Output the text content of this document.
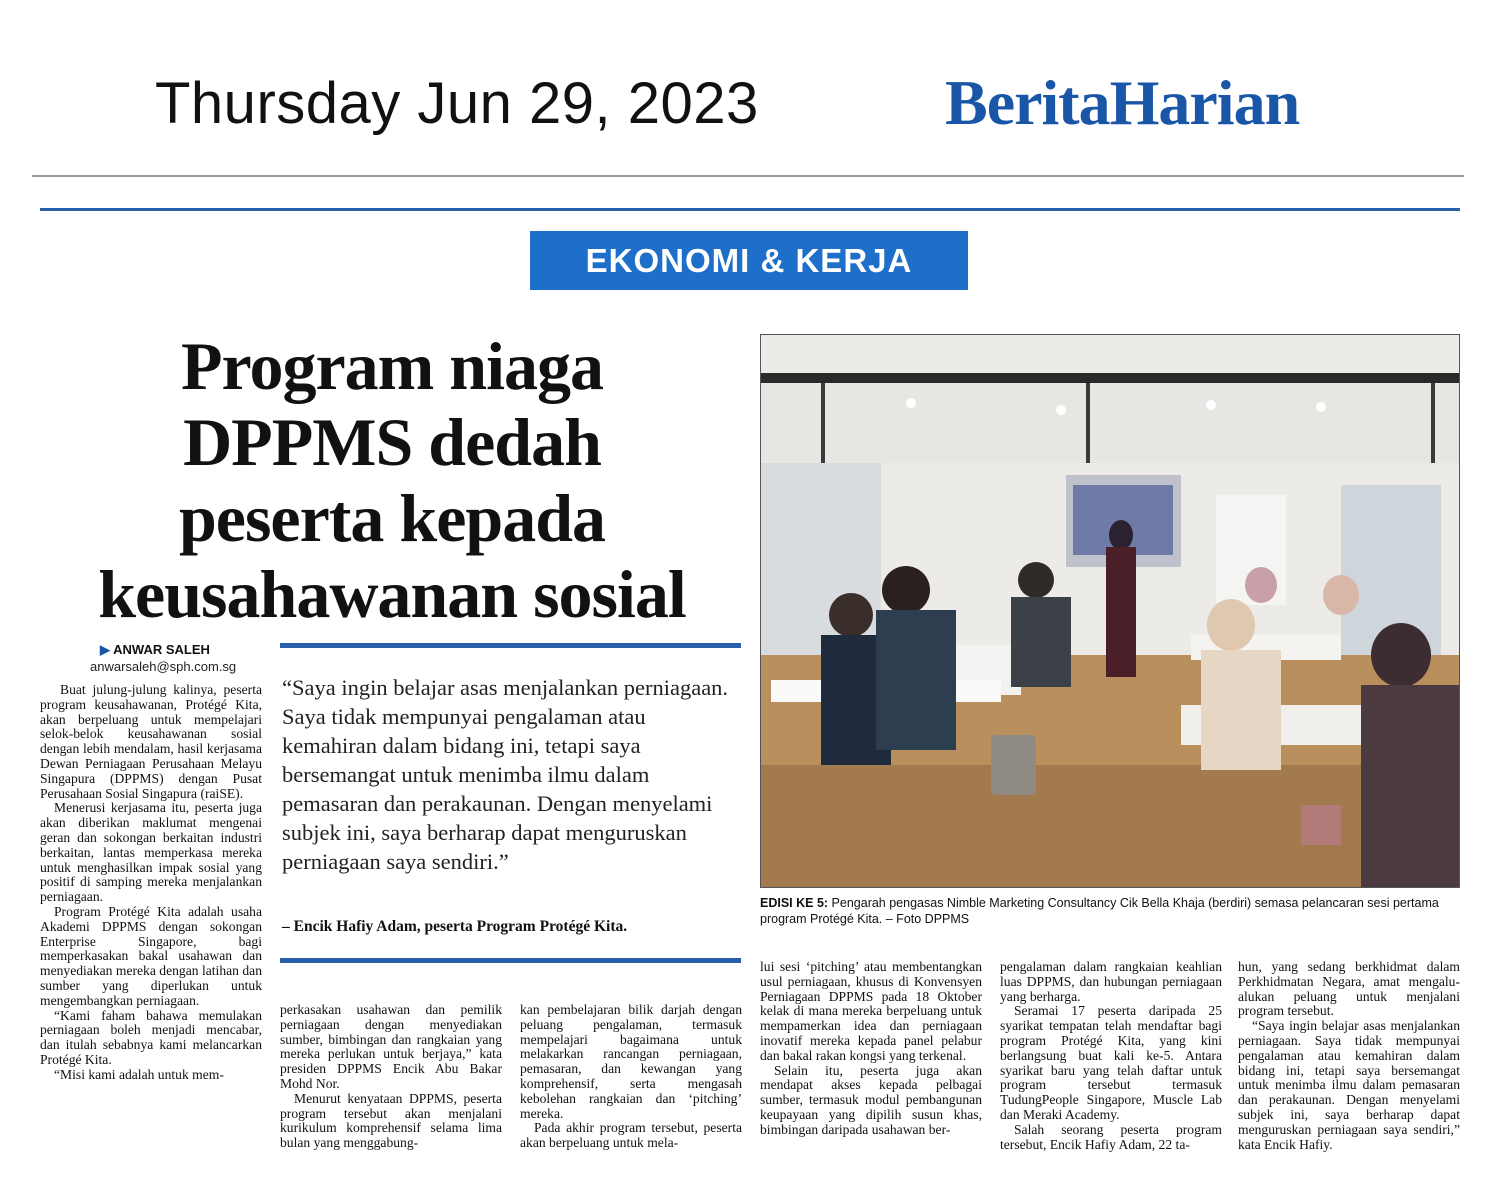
Thursday Jun 29, 2023	BeritaHarian
EKONOMI & KERJA
Program niaga
DPPMS dedah
peserta kepada
keusahawanan sosial
▶ ANWAR SALEH
anwarsaleh@sph.com.sg
“Saya ingin belajar asas menjalankan perniagaan. Saya tidak mempunyai pengalaman atau kemahiran dalam bidang ini, tetapi saya bersemangat untuk menimba ilmu dalam pemasaran dan perakaunan. Dengan menyelami subjek ini, saya berharap dapat menguruskan perniagaan saya sendiri.”
– Encik Hafiy Adam, peserta Program Protégé Kita.

Buat julung-julung kalinya, peserta program keusahawanan, Protégé Kita, akan berpeluang untuk mempelajari selok-belok keusahawanan sosial dengan lebih mendalam, hasil kerjasama Dewan Perniagaan Perusahaan Melayu Singapura (DPPMS) dengan Pusat Perusahaan Sosial Singapura (raiSE).

Menerusi kerjasama itu, peserta juga akan diberikan maklumat mengenai geran dan sokongan berkaitan industri berkaitan, lantas memperkasa mereka untuk menghasilkan impak sosial yang positif di samping mereka menjalankan perniagaan.

Program Protégé Kita adalah usaha Akademi DPPMS dengan sokongan Enterprise Singapore, bagi memperkasakan bakal usahawan dan menyediakan mereka dengan latihan dan sumber yang diperlukan untuk mengembangkan perniagaan.

“Kami faham bahawa memulakan perniagaan boleh menjadi mencabar, dan itulah sebabnya kami melancarkan Protégé Kita.

“Misi kami adalah untuk mem-

perkasakan usahawan dan pemilik perniagaan dengan menyediakan sumber, bimbingan dan rangkaian yang mereka perlukan untuk berjaya,” kata presiden DPPMS Encik Abu Bakar Mohd Nor.

Menurut kenyataan DPPMS, peserta program tersebut akan menjalani kurikulum komprehensif selama lima bulan yang menggabung-

kan pembelajaran bilik darjah dengan peluang pengalaman, termasuk mempelajari bagaimana untuk melakarkan rancangan perniagaan, pemasaran, dan kewangan yang komprehensif, serta mengasah kebolehan rangkaian dan ‘pitching’ mereka.

Pada akhir program tersebut, peserta akan berpeluang untuk mela-

lui sesi ‘pitching’ atau membentangkan usul perniagaan, khusus di Konvensyen Perniagaan DPPMS pada 18 Oktober kelak di mana mereka berpeluang untuk mempamerkan idea dan perniagaan inovatif mereka kepada panel pelabur dan bakal rakan kongsi yang terkenal.

Selain itu, peserta juga akan mendapat akses kepada pelbagai sumber, termasuk modul pembangunan keupayaan yang dipilih susun khas, bimbingan daripada usahawan ber-

pengalaman dalam rangkaian keahlian luas DPPMS, dan hubungan perniagaan yang berharga.

Seramai 17 peserta daripada 25 syarikat tempatan telah mendaftar bagi program Protégé Kita, yang kini berlangsung buat kali ke-5. Antara syarikat baru yang telah daftar untuk program tersebut termasuk TudungPeople Singapore, Muscle Lab dan Meraki Academy.

Salah seorang peserta program tersebut, Encik Hafiy Adam, 22 ta-

hun, yang sedang berkhidmat dalam Perkhidmatan Negara, amat mengalu-alukan peluang untuk menjalani program tersebut.

“Saya ingin belajar asas menjalankan perniagaan. Saya tidak mempunyai pengalaman atau kemahiran dalam bidang ini, tetapi saya bersemangat untuk menimba ilmu dalam pemasaran dan perakaunan. Dengan menyelami subjek ini, saya berharap dapat menguruskan perniagaan saya sendiri,” kata Encik Hafiy.

EDISI KE 5: Pengarah pengasas Nimble Marketing Consultancy Cik Bella Khaja (berdiri) semasa pelancaran sesi pertama program Protégé Kita. – Foto DPPMS
